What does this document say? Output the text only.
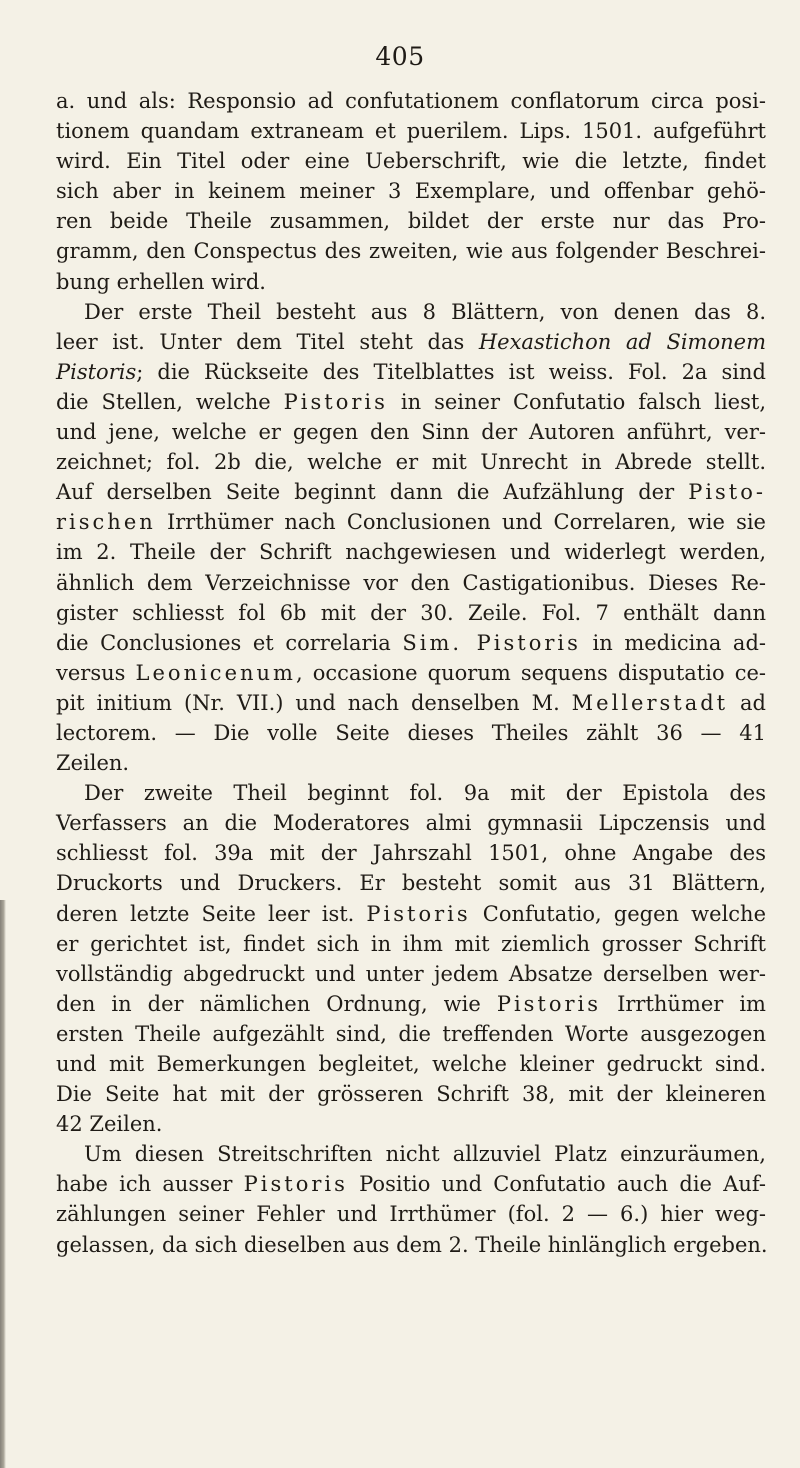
405
a. und als: Responsio ad confutationem conflatorum circa posi-
tionem quandam extraneam et puerilem. Lips. 1501. aufgeführt
wird. Ein Titel oder eine Ueberschrift, wie die letzte, findet
sich aber in keinem meiner 3 Exemplare, und offenbar gehö-
ren beide Theile zusammen, bildet der erste nur das Pro-
gramm, den Conspectus des zweiten, wie aus folgender Beschrei-
bung erhellen wird.
Der erste Theil besteht aus 8 Blättern, von denen das 8.
leer ist. Unter dem Titel steht das Hexastichon ad Simonem
Pistoris; die Rückseite des Titelblattes ist weiss. Fol. 2a sind
die Stellen, welche Pistoris in seiner Confutatio falsch liest,
und jene, welche er gegen den Sinn der Autoren anführt, ver-
zeichnet; fol. 2b die, welche er mit Unrecht in Abrede stellt.
Auf derselben Seite beginnt dann die Aufzählung der Pisto-
rischen Irrthümer nach Conclusionen und Correlaren, wie sie
im 2. Theile der Schrift nachgewiesen und widerlegt werden,
ähnlich dem Verzeichnisse vor den Castigationibus. Dieses Re-
gister schliesst fol 6b mit der 30. Zeile. Fol. 7 enthält dann
die Conclusiones et correlaria Sim. Pistoris in medicina ad-
versus Leonicenum, occasione quorum sequens disputatio ce-
pit initium (Nr. VII.) und nach denselben M. Mellerstadt ad
lectorem. — Die volle Seite dieses Theiles zählt 36 — 41
Zeilen.
Der zweite Theil beginnt fol. 9a mit der Epistola des
Verfassers an die Moderatores almi gymnasii Lipczensis und
schliesst fol. 39a mit der Jahrszahl 1501, ohne Angabe des
Druckorts und Druckers. Er besteht somit aus 31 Blättern,
deren letzte Seite leer ist. Pistoris Confutatio, gegen welche
er gerichtet ist, findet sich in ihm mit ziemlich grosser Schrift
vollständig abgedruckt und unter jedem Absatze derselben wer-
den in der nämlichen Ordnung, wie Pistoris Irrthümer im
ersten Theile aufgezählt sind, die treffenden Worte ausgezogen
und mit Bemerkungen begleitet, welche kleiner gedruckt sind.
Die Seite hat mit der grösseren Schrift 38, mit der kleineren
42 Zeilen.
Um diesen Streitschriften nicht allzuviel Platz einzuräumen,
habe ich ausser Pistoris Positio und Confutatio auch die Auf-
zählungen seiner Fehler und Irrthümer (fol. 2 — 6.) hier weg-
gelassen, da sich dieselben aus dem 2. Theile hinlänglich ergeben.
